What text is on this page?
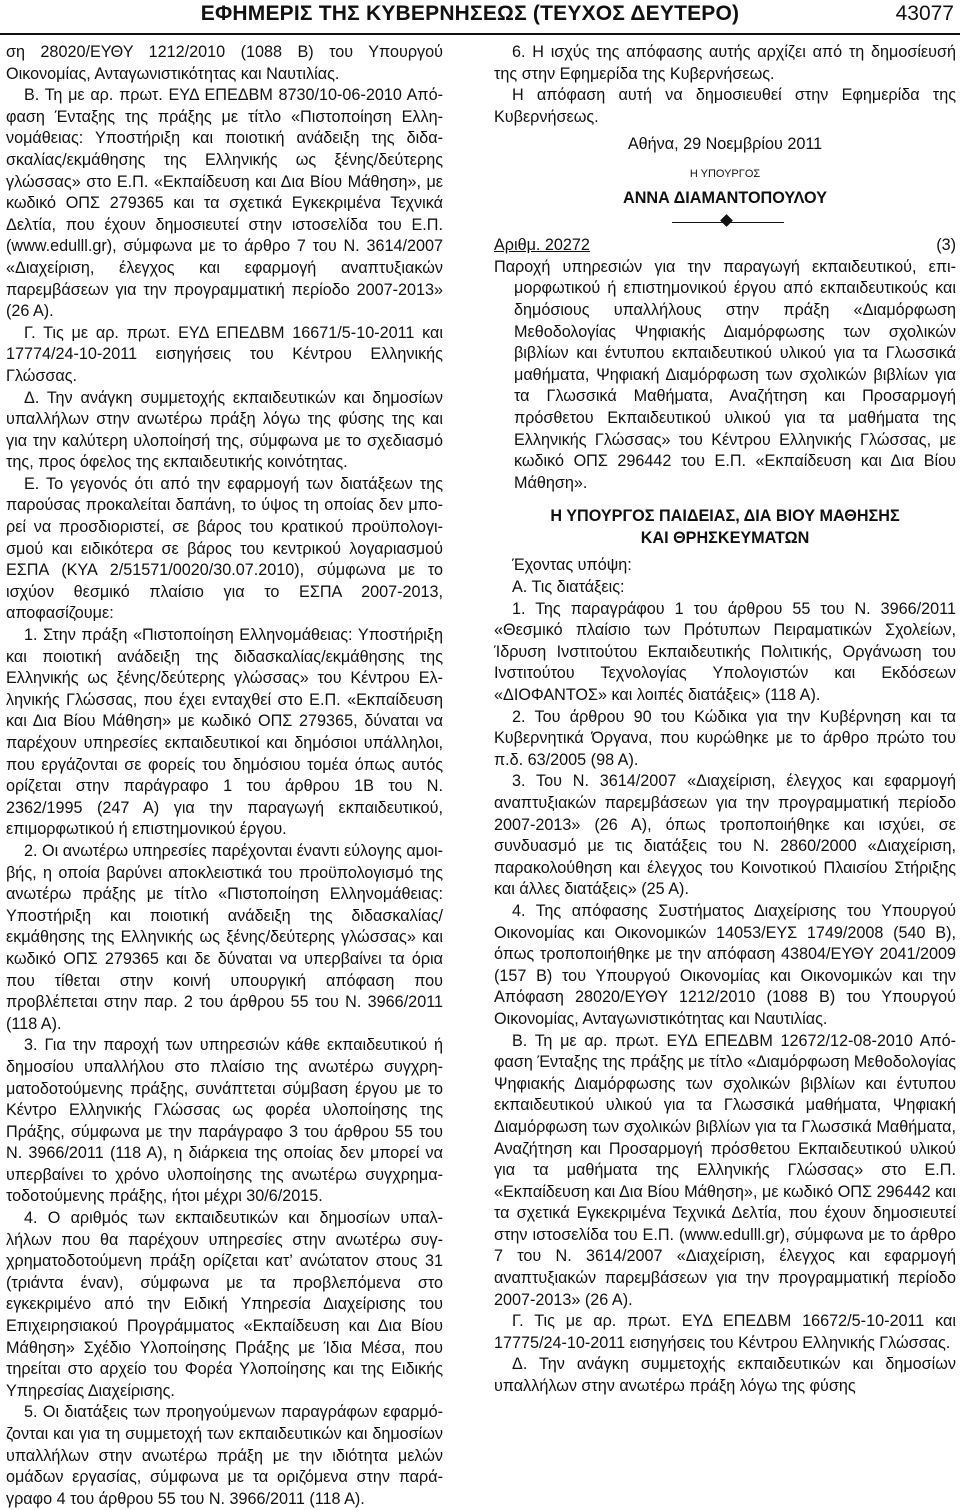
ΕΦΗΜΕΡΙΣ ΤΗΣ ΚΥΒΕΡΝΗΣΕΩΣ (ΤΕΥΧΟΣ ΔΕΥΤΕΡΟ)	43077

ση 28020/ΕΥΘΥ 1212/2010 (1088 Β) του Υπουργού Οικονομίας, Ανταγωνιστικότητας και Ναυτιλίας.

Β. Τη με αρ. πρωτ. ΕΥΔ ΕΠΕΔΒΜ 8730/10-06-2010 Απόφαση Ένταξης της πράξης με τίτλο «Πιστοποίηση Ελληνομάθειας: Υποστήριξη και ποιοτική ανάδειξη της διδασκαλίας/εκμάθησης της Ελληνικής ως ξένης/δεύτερης γλώσσας» στο Ε.Π. «Εκπαίδευση και Δια Βίου Μάθηση», με κωδικό ΟΠΣ 279365 και τα σχετικά Εγκεκριμένα Τεχνικά Δελτία, που έχουν δημοσιευτεί στην ιστοσελίδα του Ε.Π. (www.edulll.gr), σύμφωνα με το άρθρο 7 του Ν. 3614/2007 «Διαχείριση, έλεγχος και εφαρμογή αναπτυξιακών παρεμβάσεων για την προγραμματική περίοδο 2007-2013» (26 Α).

Γ. Τις με αρ. πρωτ. ΕΥΔ ΕΠΕΔΒΜ 16671/5-10-2011 και 17774/24-10-2011 εισηγήσεις του Κέντρου Ελληνικής Γλώσσας.

Δ. Την ανάγκη συμμετοχής εκπαιδευτικών και δημοσίων υπαλλήλων στην ανωτέρω πράξη λόγω της φύσης της και για την καλύτερη υλοποίησή της, σύμφωνα με το σχεδιασμό της, προς όφελος της εκπαιδευτικής κοινότητας.

Ε. Το γεγονός ότι από την εφαρμογή των διατάξεων της παρούσας προκαλείται δαπάνη, το ύψος τη οποίας δεν μπορεί να προσδιοριστεί, σε βάρος του κρατικού προϋπολογισμού και ειδικότερα σε βάρος του κεντρικού λογαριασμού ΕΣΠΑ (ΚΥΑ 2/51571/0020/30.07.2010), σύμφωνα με το ισχύον θεσμικό πλαίσιο για το ΕΣΠΑ 2007-2013, αποφασίζουμε:

1. Στην πράξη «Πιστοποίηση Ελληνομάθειας: Υποστήριξη και ποιοτική ανάδειξη της διδασκαλίας/εκμάθησης της Ελληνικής ως ξένης/δεύτερης γλώσσας» του Κέντρου Ελληνικής Γλώσσας, που έχει ενταχθεί στο Ε.Π. «Εκπαίδευση και Δια Βίου Μάθηση» με κωδικό ΟΠΣ 279365, δύναται να παρέχουν υπηρεσίες εκπαιδευτικοί και δημόσιοι υπάλληλοι, που εργάζονται σε φορείς του δημόσιου τομέα όπως αυτός ορίζεται στην παράγραφο 1 του άρθρου 1Β του Ν. 2362/1995 (247 Α) για την παραγωγή εκπαιδευτικού, επιμορφωτικού ή επιστημονικού έργου.

2. Οι ανωτέρω υπηρεσίες παρέχονται έναντι εύλογης αμοιβής, η οποία βαρύνει αποκλειστικά του προϋπολογισμό της ανωτέρω πράξης με τίτλο «Πιστοποίηση Ελληνομάθειας: Υποστήριξη και ποιοτική ανάδειξη της διδασκαλίας/εκμάθησης της Ελληνικής ως ξένης/δεύτερης γλώσσας» και κωδικό ΟΠΣ 279365 και δε δύναται να υπερβαίνει τα όρια που τίθεται στην κοινή υπουργική απόφαση που προβλέπεται στην παρ. 2 του άρθρου 55 του Ν. 3966/2011 (118 Α).

3. Για την παροχή των υπηρεσιών κάθε εκπαιδευτικού ή δημοσίου υπαλλήλου στο πλαίσιο της ανωτέρω συγχρηματοδοτούμενης πράξης, συνάπτεται σύμβαση έργου με το Κέντρο Ελληνικής Γλώσσας ως φορέα υλοποίησης της Πράξης, σύμφωνα με την παράγραφο 3 του άρθρου 55 του Ν. 3966/2011 (118 Α), η διάρκεια της οποίας δεν μπορεί να υπερβαίνει το χρόνο υλοποίησης της ανωτέρω συγχρηματοδοτούμενης πράξης, ήτοι μέχρι 30/6/2015.

4. Ο αριθμός των εκπαιδευτικών και δημοσίων υπαλλήλων που θα παρέχουν υπηρεσίες στην ανωτέρω συγχρηματοδοτούμενη πράξη ορίζεται κατ’ ανώτατον στους 31 (τριάντα έναν), σύμφωνα με τα προβλεπόμενα στο εγκεκριμένο από την Ειδική Υπηρεσία Διαχείρισης του Επιχειρησιακού Προγράμματος «Εκπαίδευση και Δια Βίου Μάθηση» Σχέδιο Υλοποίησης Πράξης με Ίδια Μέσα, που τηρείται στο αρχείο του Φορέα Υλοποίησης και της Ειδικής Υπηρεσίας Διαχείρισης.

5. Οι διατάξεις των προηγούμενων παραγράφων εφαρμόζονται και για τη συμμετοχή των εκπαιδευτικών και δημοσίων υπαλλήλων στην ανωτέρω πράξη με την ιδιότητα μελών ομάδων εργασίας, σύμφωνα με τα οριζόμενα στην παράγραφο 4 του άρθρου 55 του Ν. 3966/2011 (118 Α).

6. Η ισχύς της απόφασης αυτής αρχίζει από τη δημοσίευσή της στην Εφημερίδα της Κυβερνήσεως.

Η απόφαση αυτή να δημοσιευθεί στην Εφημερίδα της Κυβερνήσεως.

Αθήνα, 29 Νοεμβρίου 2011

Η ΥΠΟΥΡΓΟΣ

ΑΝΝΑ ΔΙΑΜΑΝΤΟΠΟΥΛΟΥ

Αριθμ. 20272	(3)

Παροχή υπηρεσιών για την παραγωγή εκπαιδευτικού, επιμορφωτικού ή επιστημονικού έργου από εκπαιδευτικούς και δημόσιους υπαλλήλους στην πράξη «Διαμόρφωση Μεθοδολογίας Ψηφιακής Διαμόρφωσης των σχολικών βιβλίων και έντυπου εκπαιδευτικού υλικού για τα Γλωσσικά μαθήματα, Ψηφιακή Διαμόρφωση των σχολικών βιβλίων για τα Γλωσσικά Μαθήματα, Αναζήτηση και Προσαρμογή πρόσθετου Εκπαιδευτικού υλικού για τα μαθήματα της Ελληνικής Γλώσσας» του Κέντρου Ελληνικής Γλώσσας, με κωδικό ΟΠΣ 296442 του Ε.Π. «Εκπαίδευση και Δια Βίου Μάθηση».

Η ΥΠΟΥΡΓΟΣ ΠΑΙΔΕΙΑΣ, ΔΙΑ ΒΙΟΥ ΜΑΘΗΣΗΣ
ΚΑΙ ΘΡΗΣΚΕΥΜΑΤΩΝ

Έχοντας υπόψη:

Α. Τις διατάξεις:

1. Της παραγράφου 1 του άρθρου 55 του Ν. 3966/2011 «Θεσμικό πλαίσιο των Πρότυπων Πειραματικών Σχολείων, Ίδρυση Ινστιτούτου Εκπαιδευτικής Πολιτικής, Οργάνωση του Ινστιτούτου Τεχνολογίας Υπολογιστών και Εκδόσεων «ΔΙΟΦΑΝΤΟΣ» και λοιπές διατάξεις» (118 Α).

2. Του άρθρου 90 του Κώδικα για την Κυβέρνηση και τα Κυβερνητικά Όργανα, που κυρώθηκε με το άρθρο πρώτο του π.δ. 63/2005 (98 Α).

3. Του Ν. 3614/2007 «Διαχείριση, έλεγχος και εφαρμογή αναπτυξιακών παρεμβάσεων για την προγραμματική περίοδο 2007-2013» (26 Α), όπως τροποποιήθηκε και ισχύει, σε συνδυασμό με τις διατάξεις του Ν. 2860/2000 «Διαχείριση, παρακολούθηση και έλεγχος του Κοινοτικού Πλαισίου Στήριξης και άλλες διατάξεις» (25 Α).

4. Της απόφασης Συστήματος Διαχείρισης του Υπουργού Οικονομίας και Οικονομικών 14053/ΕΥΣ 1749/2008 (540 Β), όπως τροποποιήθηκε με την απόφαση 43804/ΕΥΘΥ 2041/2009 (157 Β) του Υπουργού Οικονομίας και Οικονομικών και την Απόφαση 28020/ΕΥΘΥ 1212/2010 (1088 Β) του Υπουργού Οικονομίας, Ανταγωνιστικότητας και Ναυτιλίας.

Β. Τη με αρ. πρωτ. ΕΥΔ ΕΠΕΔΒΜ 12672/12-08-2010 Απόφαση Ένταξης της πράξης με τίτλο «Διαμόρφωση Μεθοδολογίας Ψηφιακής Διαμόρφωσης των σχολικών βιβλίων και έντυπου εκπαιδευτικού υλικού για τα Γλωσσικά μαθήματα, Ψηφιακή Διαμόρφωση των σχολικών βιβλίων για τα Γλωσσικά Μαθήματα, Αναζήτηση και Προσαρμογή πρόσθετου Εκπαιδευτικού υλικού για τα μαθήματα της Ελληνικής Γλώσσας» στο Ε.Π. «Εκπαίδευση και Δια Βίου Μάθηση», με κωδικό ΟΠΣ 296442 και τα σχετικά Εγκεκριμένα Τεχνικά Δελτία, που έχουν δημοσιευτεί στην ιστοσελίδα του Ε.Π. (www.edulll.gr), σύμφωνα με το άρθρο 7 του Ν. 3614/2007 «Διαχείριση, έλεγχος και εφαρμογή αναπτυξιακών παρεμβάσεων για την προγραμματική περίοδο 2007-2013» (26 Α).

Γ. Τις με αρ. πρωτ. ΕΥΔ ΕΠΕΔΒΜ 16672/5-10-2011 και 17775/24-10-2011 εισηγήσεις του Κέντρου Ελληνικής Γλώσσας.

Δ. Την ανάγκη συμμετοχής εκπαιδευτικών και δημοσίων υπαλλήλων στην ανωτέρω πράξη λόγω της φύσης
